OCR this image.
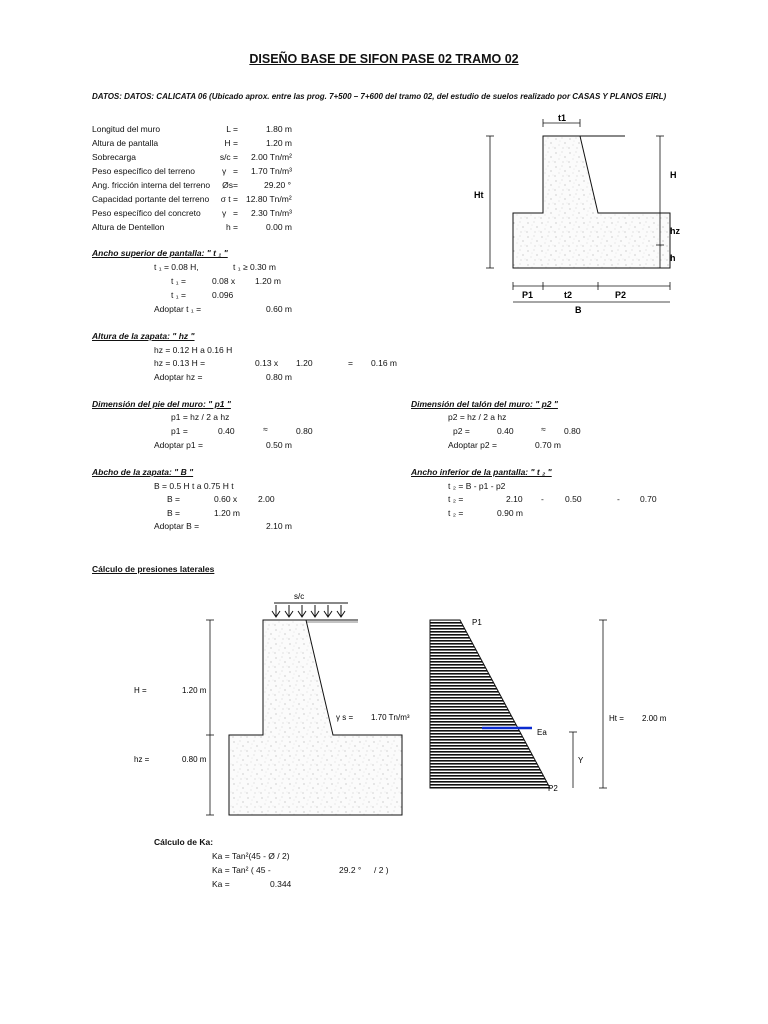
DISEÑO BASE DE SIFON PASE 02 TRAMO 02
DATOS: DATOS: CALICATA 06 (Ubicado aprox. entre las prog. 7+500 – 7+600 del tramo 02, del estudio de suelos realizado por CASAS Y PLANOS EIRL)
Longitud del muro	L =	1.80 m
Altura de pantalla	H =	1.20 m
Sobrecarga	s/c = 2.00 Tn/m²
Peso específico del terreno	= 1.70 Tn/m³
Ang. fricción interna del terreno	Øs=	29.20 °
Capacidad portante del terreno	σ t = 12.80 Tn/m²
Peso específico del concreto	= 2.30 Tn/m³
Altura de Dentellon	h =	0.00 m
γ
γ
t1
Ht
H
hz
h
P1	t2	P2
B
Ancho superior de pantalla: " t ₁ "
t ₁ = 0.08 H,	t ₁ ≥ 0.30 m
t ₁ =	0.08 x 1.20 m
t ₁ =	0.096
Adoptar t ₁ =	0.60 m
Altura de la zapata: " hz "
hz = 0.12 H a 0.16 H
hz = 0.13 H =	0.13 x 1.20	= 0.16 m
Adoptar hz =	0.80 m
Dimensión del pie del muro: " p1 "
p1 = hz / 2 a hz
p1 =	0.40	≈	0.80
Adoptar p1 =	0.50 m
Dimensión del talón del muro: " p2 "
p2 = hz / 2 a hz
p2 =	0.40	≈ 0.80
Adoptar p2 =	0.70 m
Abcho de la zapata: " B "
B = 0.5 H t a 0.75 H t
B =	0.60 x 2.00
B =	1.20 m
Adoptar B =	2.10 m
Ancho inferior de la pantalla: " t ₂ "
t ₂ = B - p1 - p2
t ₂ =	2.10 - 0.50	- 0.70
t ₂ =	0.90 m
Cálculo de presiones laterales
s/c
H =	1.20 m
hz =	0.80 m
γ s = 1.70 Tn/m³
P1
P2
Ea
Y
Ht = 2.00 m
Cálculo de Ka:
Ka = Tan²(45 - Ø / 2)
Ka = Tan² ( 45 -	29.2 ° / 2 )
Ka =	0.344
